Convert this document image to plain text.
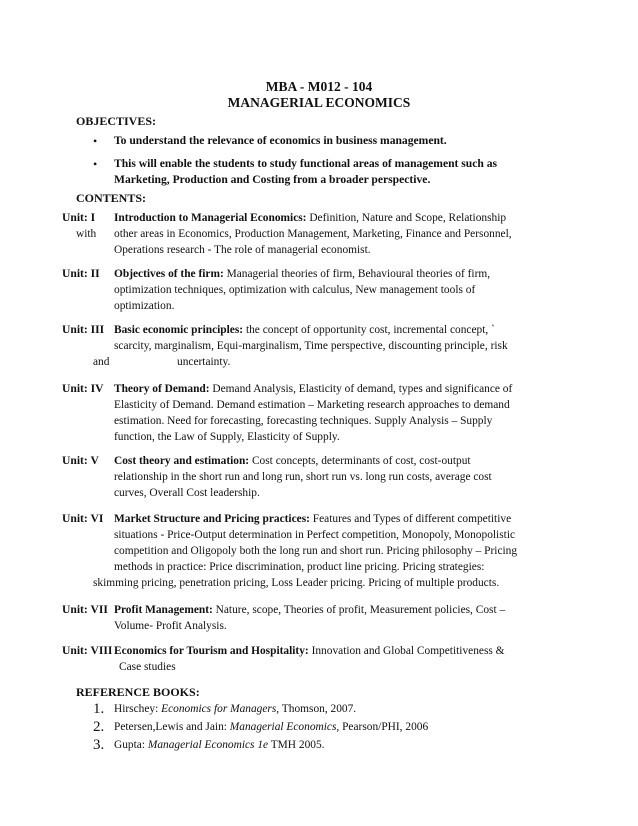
MBA - M012 - 104
MANAGERIAL ECONOMICS
OBJECTIVES:
• To understand the relevance of economics in business management.
• This will enable the students to study functional areas of management such as
Marketing, Production and Costing from a broader perspective.
CONTENTS:
Unit: I
with
Introduction to Managerial Economics: Definition, Nature and Scope, Relationship
other areas in Economics, Production Management, Marketing, Finance and Personnel,
Operations research - The role of managerial economist.
Unit: II Objectives of the firm: Managerial theories of firm, Behavioural theories of firm,
optimization techniques, optimization with calculus, New management tools of
optimization.
Unit: III Basic economic principles: the concept of opportunity cost, incremental concept, `
scarcity, marginalism, Equi-marginalism, Time perspective, discounting principle, risk
and	uncertainty.
Unit: IV Theory of Demand: Demand Analysis, Elasticity of demand, types and significance of
Elasticity of Demand. Demand estimation – Marketing research approaches to demand
estimation. Need for forecasting, forecasting techniques. Supply Analysis – Supply
function, the Law of Supply, Elasticity of Supply.
Unit: V Cost theory and estimation: Cost concepts, determinants of cost, cost-output
relationship in the short run and long run, short run vs. long run costs, average cost
curves, Overall Cost leadership.
Unit: VI Market Structure and Pricing practices: Features and Types of different competitive
situations - Price-Output determination in Perfect competition, Monopoly, Monopolistic
competition and Oligopoly both the long run and short run. Pricing philosophy – Pricing
methods in practice: Price discrimination, product line pricing. Pricing strategies:
skimming pricing, penetration pricing, Loss Leader pricing. Pricing of multiple products.
Unit: VII Profit Management: Nature, scope, Theories of profit, Measurement policies, Cost –
Volume- Profit Analysis.
Unit: VIII Economics for Tourism and Hospitality: Innovation and Global Competitiveness &
Case studies
REFERENCE BOOKS:
1. Hirschey: Economics for Managers, Thomson, 2007.
2. Petersen,Lewis and Jain: Managerial Economics, Pearson/PHI, 2006
3. Gupta: Managerial Economics 1e TMH 2005.
